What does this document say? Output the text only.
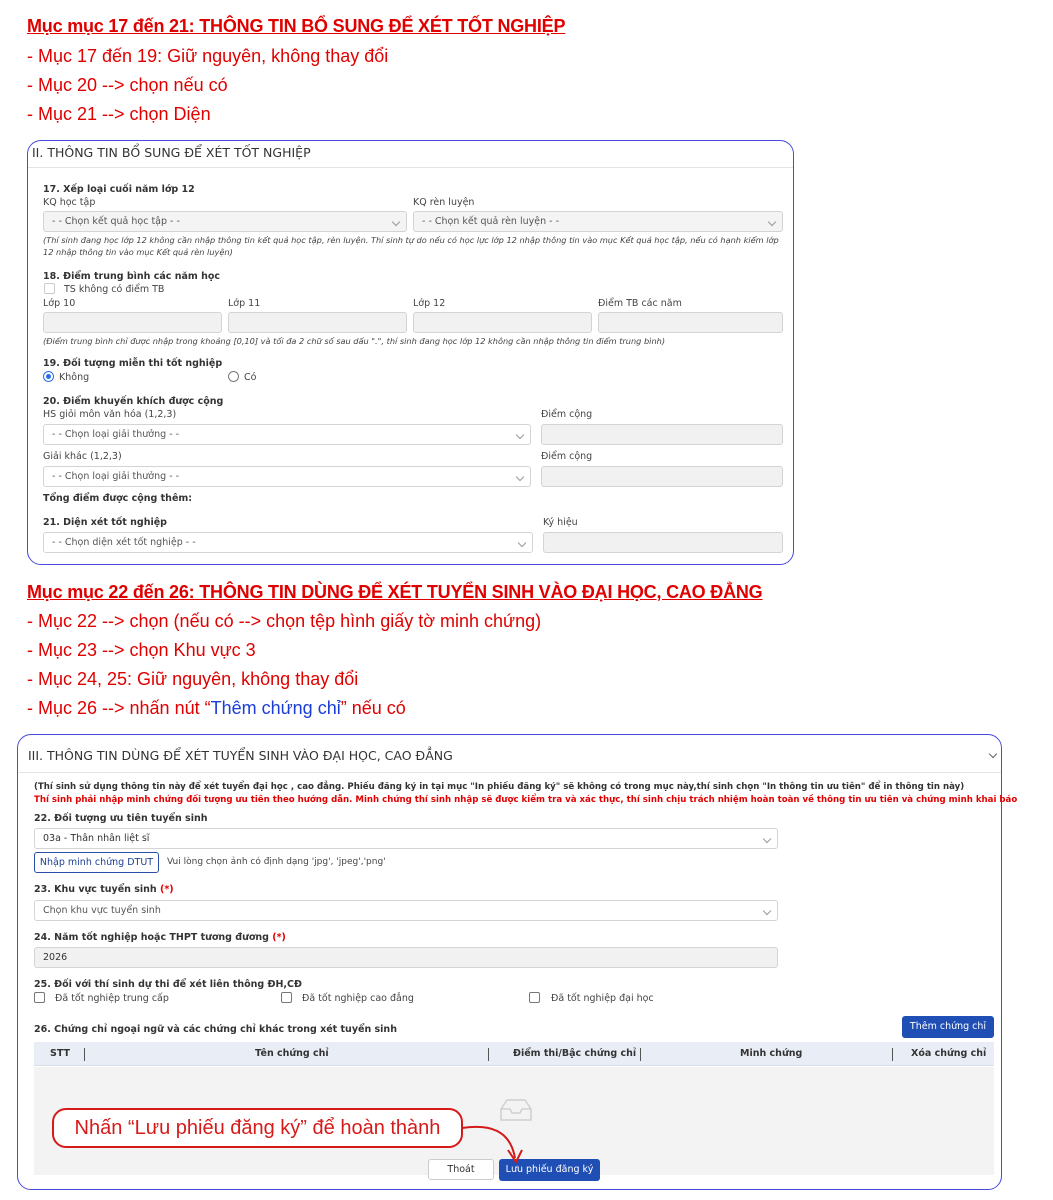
Mục mục 17 đến 21: THÔNG TIN BỔ SUNG ĐỂ XÉT TỐT NGHIỆP
- Mục 17 đến 19: Giữ nguyên, không thay đổi
- Mục 20 --> chọn nếu có
- Mục 21 --> chọn Diện
II. THÔNG TIN BỔ SUNG ĐỂ XÉT TỐT NGHIỆP
17. Xếp loại cuối năm lớp 12
KQ học tập
- - Chọn kết quả học tập - -
KQ rèn luyện
- - Chọn kết quả rèn luyện - -
(Thí sinh đang học lớp 12 không cần nhập thông tin kết quả học tập, rèn luyện. Thí sinh tự do nếu có học lực lớp 12 nhập thông tin vào mục Kết quả học tập, nếu có hạnh kiểm lớp 12 nhập thông tin vào mục Kết quả rèn luyện)
18. Điểm trung bình các năm học
TS không có điểm TB
Lớp 10	Lớp 11	Lớp 12	Điểm TB các năm
(Điểm trung bình chỉ được nhập trong khoảng [0,10] và tối đa 2 chữ số sau dấu ".", thí sinh đang học lớp 12 không cần nhập thông tin điểm trung bình)
19. Đối tượng miễn thi tốt nghiệp
Không	Có
20. Điểm khuyến khích được cộng
HS giỏi môn văn hóa (1,2,3)	Điểm cộng
- - Chọn loại giải thưởng - -
Giải khác (1,2,3)	Điểm cộng
- - Chọn loại giải thưởng - -
Tổng điểm được cộng thêm:
21. Diện xét tốt nghiệp	Ký hiệu
- - Chọn diện xét tốt nghiệp - -
Mục mục 22 đến 26: THÔNG TIN DÙNG ĐỂ XÉT TUYỂN SINH VÀO ĐẠI HỌC, CAO ĐẲNG
- Mục 22 --> chọn (nếu có --> chọn tệp hình giấy tờ minh chứng)
- Mục 23 --> chọn Khu vực 3
- Mục 24, 25: Giữ nguyên, không thay đổi
- Mục 26 --> nhấn nút “Thêm chứng chỉ” nếu có
III. THÔNG TIN DÙNG ĐỂ XÉT TUYỂN SINH VÀO ĐẠI HỌC, CAO ĐẲNG
(Thí sinh sử dụng thông tin này để xét tuyển đại học , cao đẳng. Phiếu đăng ký in tại mục "In phiếu đăng ký" sẽ không có trong mục này,thí sinh chọn "In thông tin ưu tiên" để in thông tin này)
Thí sinh phải nhập minh chứng đối tượng ưu tiên theo hướng dẫn. Minh chứng thí sinh nhập sẽ được kiểm tra và xác thực, thí sinh chịu trách nhiệm hoàn toàn về thông tin ưu tiên và chứng minh khai báo
22. Đối tượng ưu tiên tuyển sinh
03a - Thân nhân liệt sĩ
Nhập minh chứng DTUT	Vui lòng chọn ảnh có định dạng 'jpg', 'jpeg','png'
23. Khu vực tuyển sinh (*)
Chọn khu vực tuyển sinh
24. Năm tốt nghiệp hoặc THPT tương đương (*)
2026
25. Đối với thí sinh dự thi để xét liên thông ĐH,CĐ
Đã tốt nghiệp trung cấp	Đã tốt nghiệp cao đẳng	Đã tốt nghiệp đại học
26. Chứng chỉ ngoại ngữ và các chứng chỉ khác trong xét tuyển sinh	Thêm chứng chỉ
STT	Tên chứng chỉ	Điểm thi/Bậc chứng chỉ	Minh chứng	Xóa chứng chỉ
Thoát	Lưu phiếu đăng ký
Nhấn “Lưu phiếu đăng ký” để hoàn thành
